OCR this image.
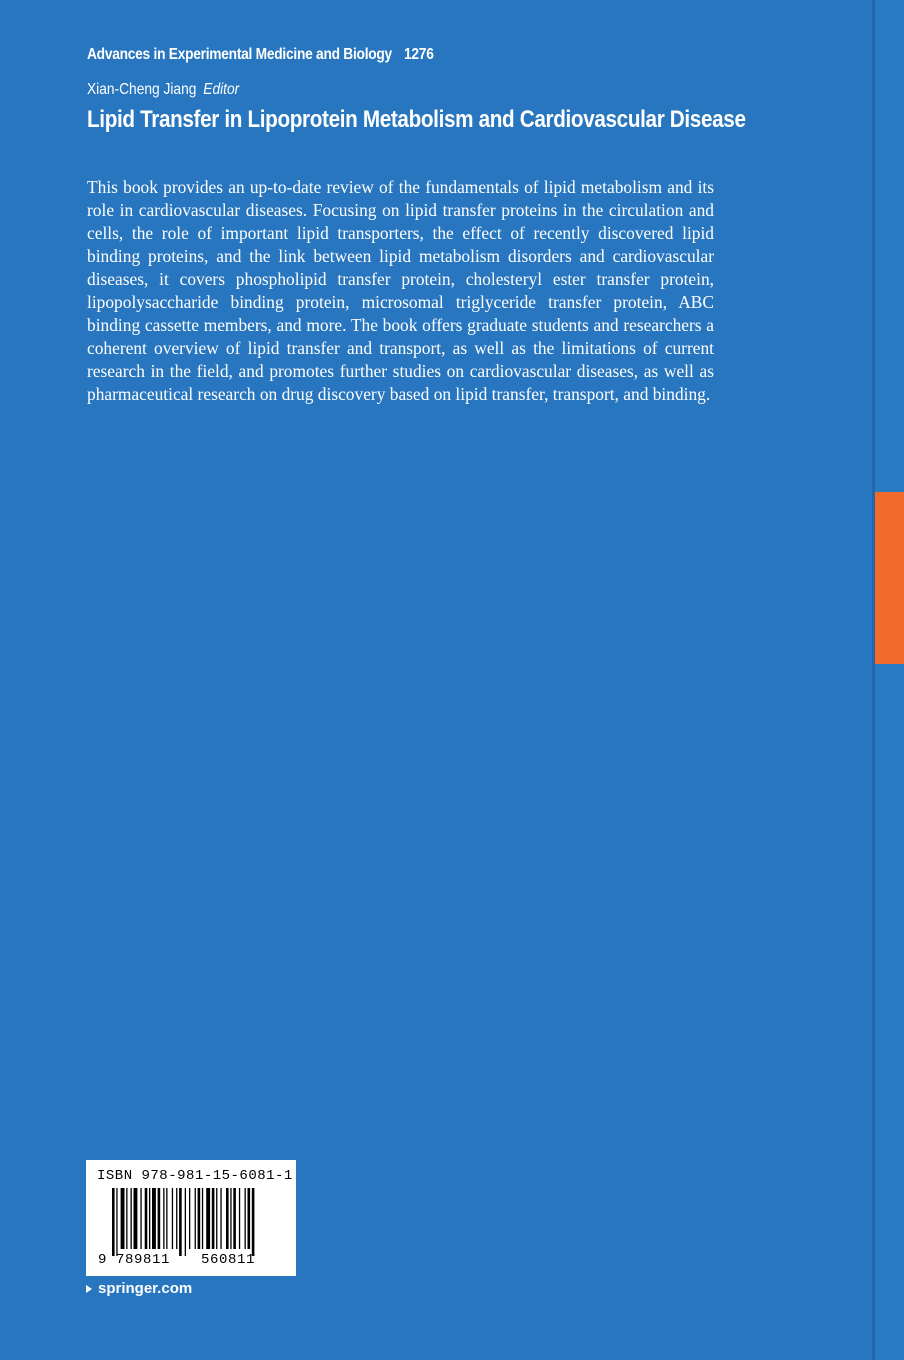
Advances in Experimental Medicine and Biology 1276
Xian-Cheng Jiang Editor
Lipid Transfer in Lipoprotein Metabolism and Cardiovascular Disease

This book provides an up-to-date review of the fundamentals of lipid metabolism and its role in cardiovascular diseases. Focusing on lipid transfer proteins in the circulation and cells, the role of important lipid transporters, the effect of recently discovered lipid binding proteins, and the link between lipid metabolism disorders and cardiovascular diseases, it covers phospholipid transfer protein, cholesteryl ester transfer protein, lipopolysaccharide binding protein, microsomal triglyceride transfer protein, ABC binding cassette members, and more. The book offers graduate students and researchers a coherent overview of lipid transfer and transport, as well as the limitations of current research in the field, and promotes further studies on cardiovascular diseases, as well as pharmaceutical research on drug discovery based on lipid transfer, transport, and binding.

ISBN 978-981-15-6081-1
9 789811 560811
springer.com
